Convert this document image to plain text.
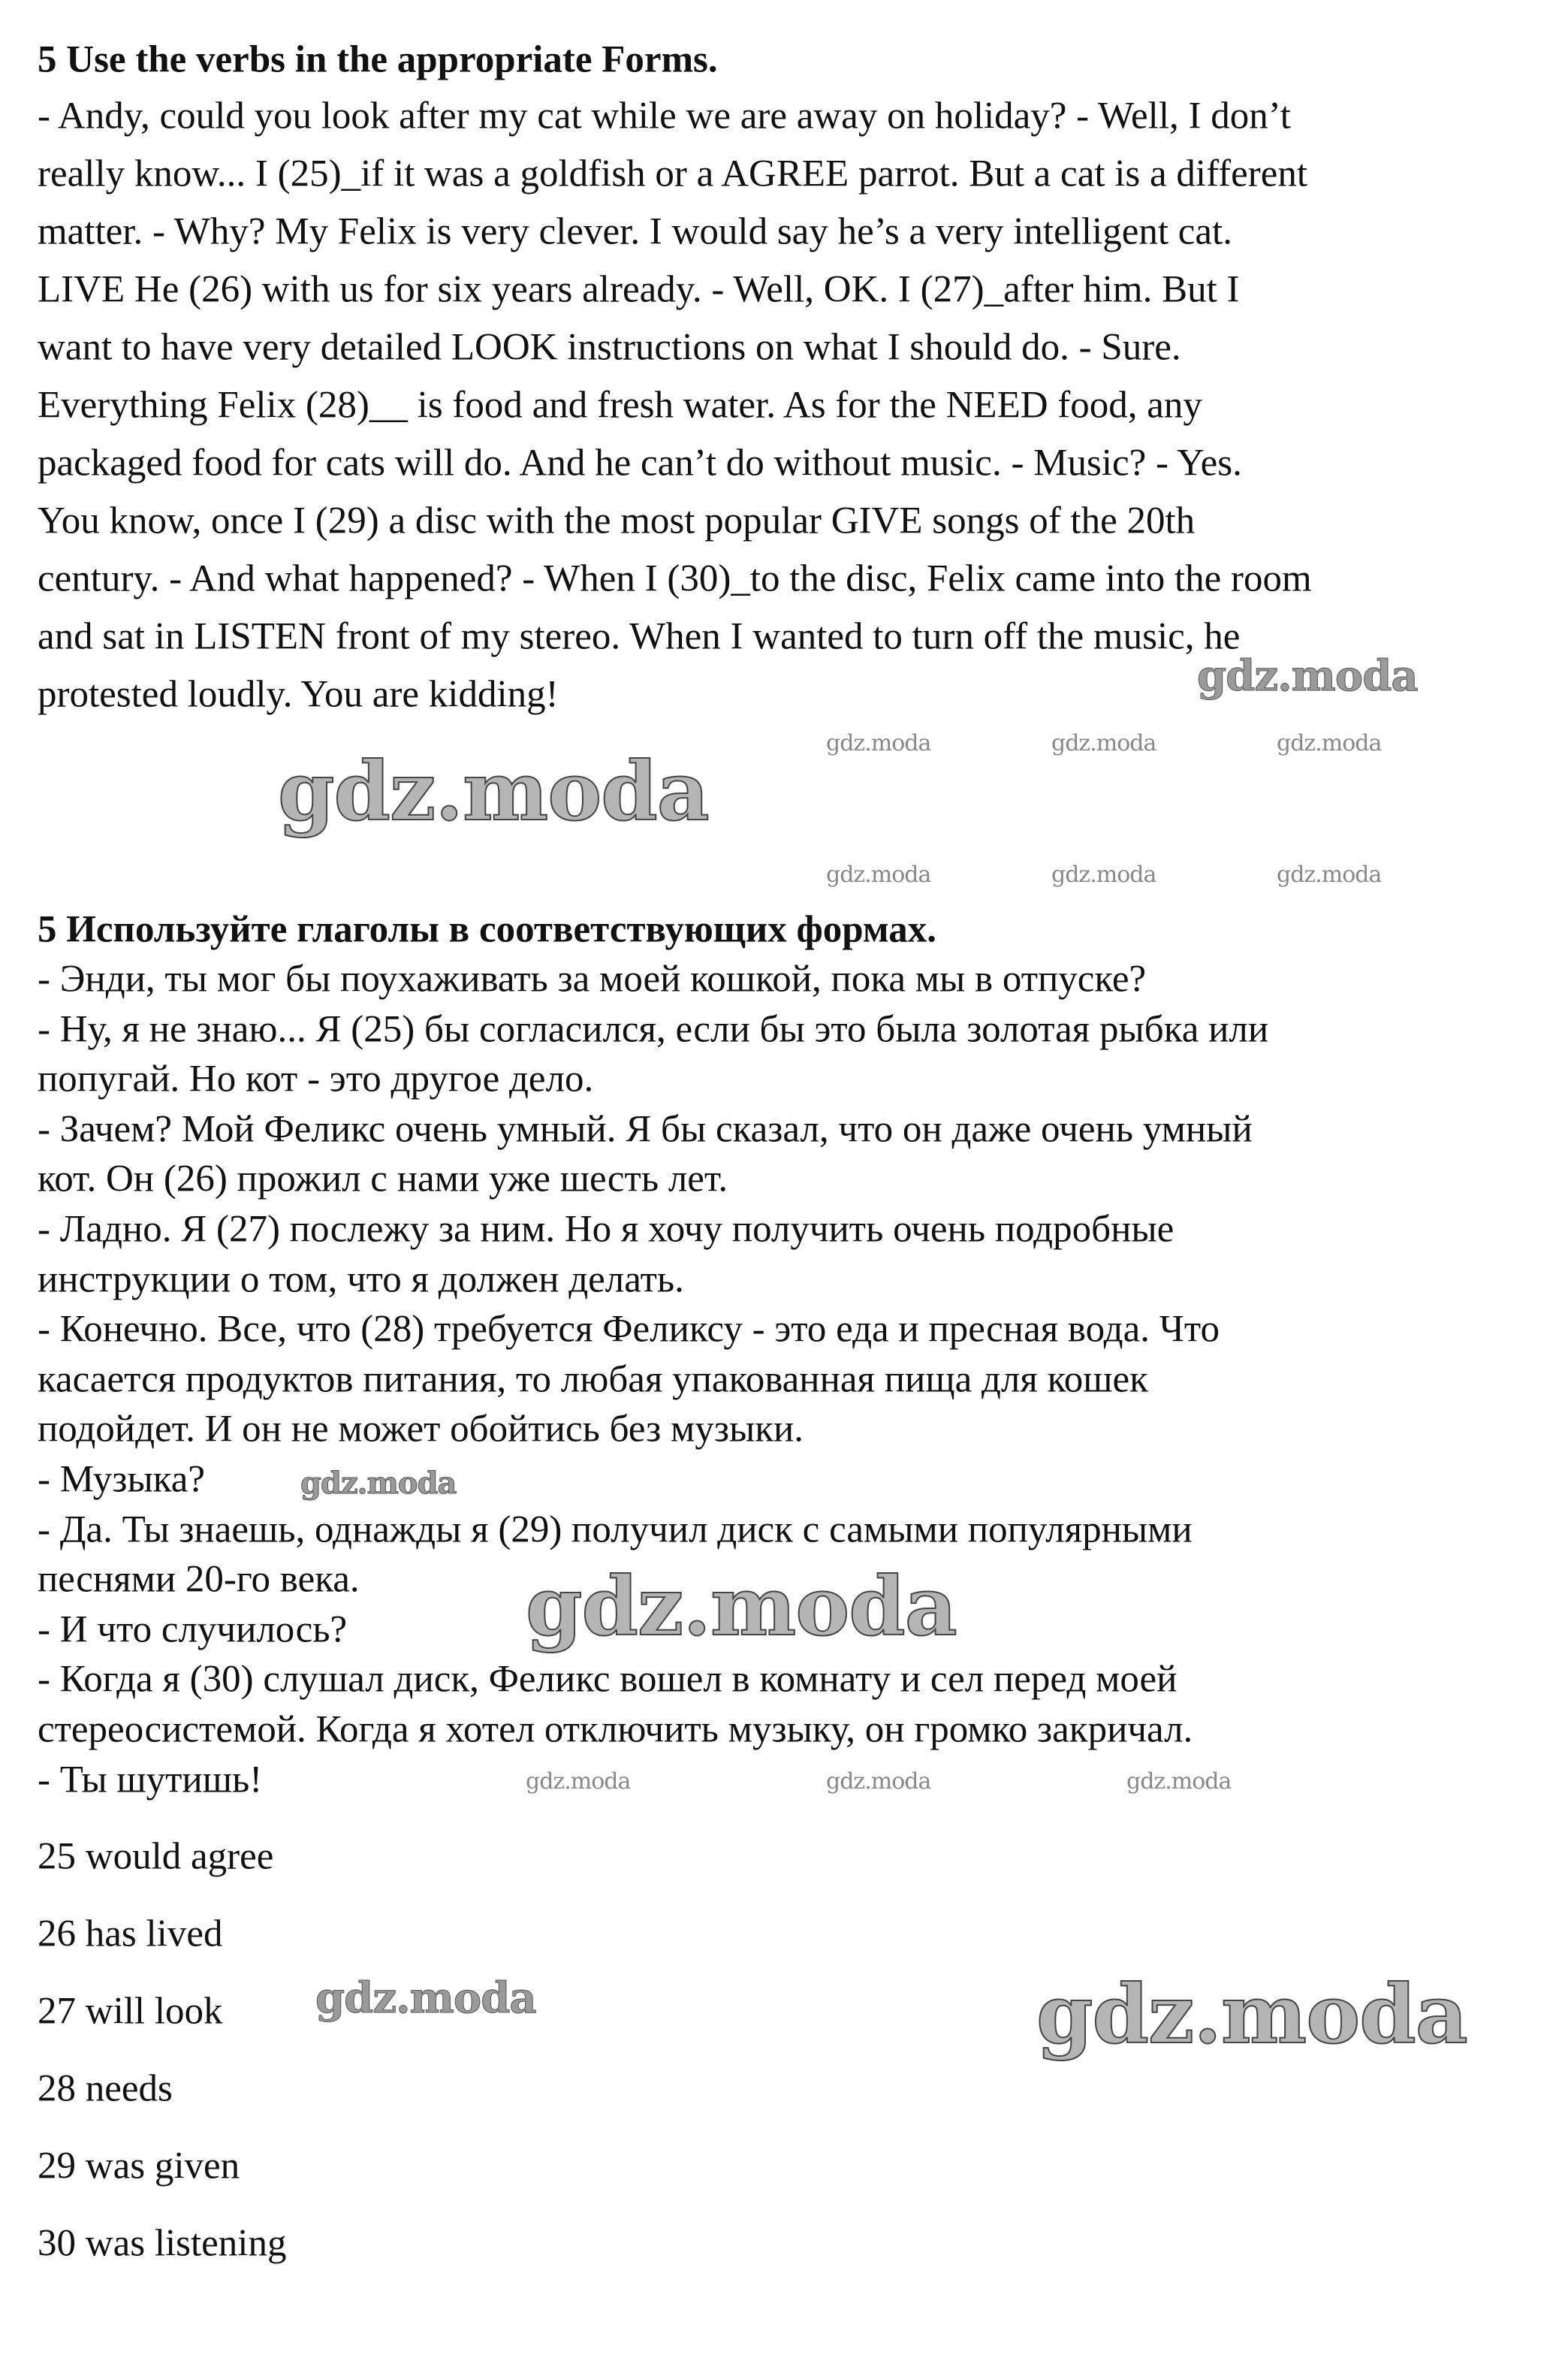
5 Use the verbs in the appropriate Forms.
- Andy, could you look after my cat while we are away on holiday? - Well, I don’t
really know... I (25)_if it was a goldfish or a AGREE parrot. But a cat is a different
matter. - Why? My Felix is very clever. I would say he’s a very intelligent cat.
LIVE He (26) with us for six years already. - Well, OK. I (27)_after him. But I
want to have very detailed LOOK instructions on what I should do. - Sure.
Everything Felix (28)__ is food and fresh water. As for the NEED food, any
packaged food for cats will do. And he can’t do without music. - Music? - Yes.
You know, once I (29) a disc with the most popular GIVE songs of the 20th
century. - And what happened? - When I (30)_to the disc, Felix came into the room
and sat in LISTEN front of my stereo. When I wanted to turn off the music, he
protested loudly. You are kidding!
5 Используйте глаголы в соответствующих формах.
- Энди, ты мог бы поухаживать за моей кошкой, пока мы в отпуске?
- Ну, я не знаю... Я (25) бы согласился, если бы это была золотая рыбка или
попугай. Но кот - это другое дело.
- Зачем? Мой Феликс очень умный. Я бы сказал, что он даже очень умный
кот. Он (26) прожил с нами уже шесть лет.
- Ладно. Я (27) послежу за ним. Но я хочу получить очень подробные
инструкции о том, что я должен делать.
- Конечно. Все, что (28) требуется Феликсу - это еда и пресная вода. Что
касается продуктов питания, то любая упакованная пища для кошек
подойдет. И он не может обойтись без музыки.
- Музыка?
- Да. Ты знаешь, однажды я (29) получил диск с самыми популярными
песнями 20-го века.
- И что случилось?
- Когда я (30) слушал диск, Феликс вошел в комнату и сел перед моей
стереосистемой. Когда я хотел отключить музыку, он громко закричал.
- Ты шутишь!
25 would agree
26 has lived
27 will look
28 needs
29 was given
30 was listening
gdz.moda	gdz.moda	gdz.moda
gdz.moda	gdz.moda	gdz.moda
gdz.moda	gdz.moda	gdz.moda
gdz.moda
gdz.moda
gdz.moda
gdz.moda
gdz.moda
gdz.moda
